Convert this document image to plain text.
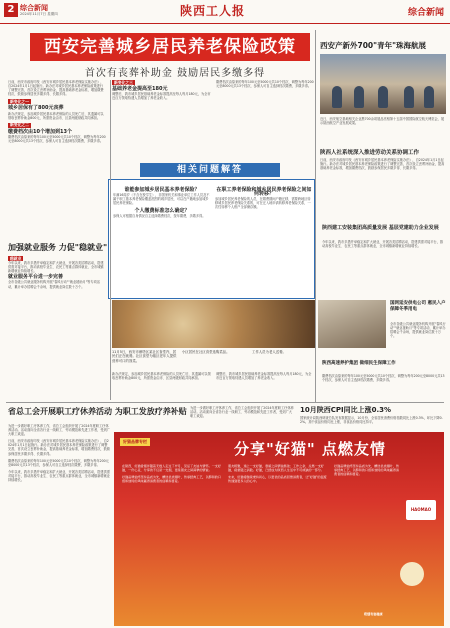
2 综合新闻
2024年11月7日 星期四	陕西工人报	综合新闻
西安完善城乡居民养老保险政策
首次有丧葬补助金 鼓励居民多缴多得

日前，西安市政府印发《西安市城乡居民基本养老保险实施办法》，自2024年1月1日起施行。新办法对城乡居民基本养老保险政策进行了调整完善，首次设立丧葬补助金，提高基础养老金标准，增加缴费档次，鼓励参保居民多缴多得、长缴多得。

新变化之一
城乡居保有了800元丧葬

新办法规定，参加城乡居民基本养老保险的人员死亡后，其遗属可以领取丧葬补助金800元，所需资金由市、区县两级财政共同承担。

新变化之二
缴费档次由10个增加到13个

缴费档次由原来的每年100元至5000元共10个档次，调整为每年200元至8000元共13个档次，参保人可自主选择档次缴费，多缴多得。

新变化之三
基础养老金提高至180元

调整后，我市城乡居民基础养老金标准提高至每人每月180元，为全市近百万领取待遇人员增加了养老金收入。

缴费档次由原来的每年100元至5000元共10个档次，调整为每年200元至8000元共13个档次，参保人可自主选择档次缴费，多缴多得。

西安产新外700"青年"珠海航展
近日，西安航空基地相关企业携700余项展品亮相第十五届中国国际航空航天博览会，展示陕西航空产业发展成果。
陕西人社系统深入推进劳动关系协调工作
日前，西安市政府印发《西安市城乡居民基本养老保险实施办法》，自2024年1月1日起施行。新办法对城乡居民基本养老保险政策进行了调整完善，首次设立丧葬补助金，提高基础养老金标准，增加缴费档次，鼓励参保居民多缴多得、长缴多得。
相关问题解答
谁能参加城乡居民基本养老保险？

年满16周岁（不含在校学生），非国家机关和事业单位工作人员及不属于职工基本养老保险覆盖范围的城乡居民，可以在户籍地参加城乡居民养老保险。

个人缴费标准怎么确定？

参保人可根据自身情况自主选择缴费档次，按年缴费，多缴多得。

在职工养老保险和城乡居民养老保险之间如何转移？

参加城乡居民养老保险的人员，在缴费期间户籍迁移，需要跨地区转移城乡居民养老保险关系的，可在迁入地申请转移养老保险关系，一次性转移个人账户全部储存额。

加强就业服务 力促"稳就业"
稳就业

今年以来，我市多措并举稳定和扩大就业，开展各类招聘活动，搭建供需对接平台，推动高校毕业生、农民工等重点群体就业，全市城镇新增就业持续增长。

就业服务平台进一步完善

全市各级公共就业服务机构开展"春风行动""就业援助月"等专项活动，累计举办招聘会千余场，提供就业岗位数十万个。

11月5日，西安市雁塔区某社区食堂内，居民们正在就餐。社区食堂为辖区老年人提供营养可口的饭菜。
小区居民在社区食堂选购菜品。	工作人员为老人送餐。
新办法规定，参加城乡居民基本养老保险的人员死亡后，其遗属可以领取丧葬补助金800元，所需资金由市、区县两级财政共同承担。
调整后，我市城乡居民基础养老金标准提高至每人每月180元，为全市近百万领取待遇人员增加了养老金收入。
陕西建工安装集团高质量发展 基层党建助力企业发展
今年以来，我市多措并举稳定和扩大就业，开展各类招聘活动，搭建供需对接平台，推动高校毕业生、农民工等重点群体就业，全市城镇新增就业持续增长。
国网延安供电公司 惠民入户保障冬季用电
全市各级公共就业服务机构开展"春风行动""就业援助月"等专项活动，累计举办招聘会千余场，提供就业岗位数十万个。
陕西高速养护集团 做细民生保障工作
缴费档次由原来的每年100元至5000元共10个档次，调整为每年200元至8000元共13个档次，参保人可自主选择档次缴费，多缴多得。
省总工会开展职工疗休养活动 为职工发放疗养补贴

为进一步做好职工疗休养工作，省总工会组织开展了2024年度职工疗休养活动。活动面向全省各行业一线职工、劳动模范和先进工作者，受到广大职工欢迎。

日前，西安市政府印发《西安市城乡居民基本养老保险实施办法》，自2024年1月1日起施行。新办法对城乡居民基本养老保险政策进行了调整完善，首次设立丧葬补助金，提高基础养老金标准，增加缴费档次，鼓励参保居民多缴多得、长缴多得。

缴费档次由原来的每年100元至5000元共10个档次，调整为每年200元至8000元共13个档次，参保人可自主选择档次缴费，多缴多得。

今年以来，我市多措并举稳定和扩大就业，开展各类招聘活动，搭建供需对接平台，推动高校毕业生、农民工等重点群体就业，全市城镇新增就业持续增长。

为进一步做好职工疗休养工作，省总工会组织开展了2024年度职工疗休养活动。活动面向全省各行业一线职工、劳动模范和先进工作者，受到广大职工欢迎。
10月陕西CPI同比上涨0.3%
国家统计局陕西调查总队发布数据显示，10月份，全省居民消费价格指数同比上涨0.3%，环比下降0.2%。其中食品价格同比上涨，非食品价格同比持平。
好猫品牌专栏	分享"好猫" 点燃友情

在陕西，好猫香烟伴随着无数人走过了岁月，见证了友谊与情怀。一支好猫，一份心意，分享的不仅是一支烟，更是朋友之间真挚的情谊。

好猫品牌始终坚持品质为先，精选优质烟叶，传承经典工艺，以醇和的口感和独特的风味赢得消费者的信赖和喜爱。

朋友相聚，递上一支好猫，寒暄之间情谊渐浓；工作之余，点燃一支好猫，疲惫随之消散。好猫，已经成为陕西人生活中不可或缺的一部分。

未来，好猫将继续秉持初心，以更优的品质回馈消费者，让"好猫"的温度传递到更多人的心中。

好猫品牌始终坚持品质为先，精选优质烟叶，传承经典工艺，以醇和的口感和独特的风味赢得消费者的信赖和喜爱。
HAOMAO
吸烟有害健康
